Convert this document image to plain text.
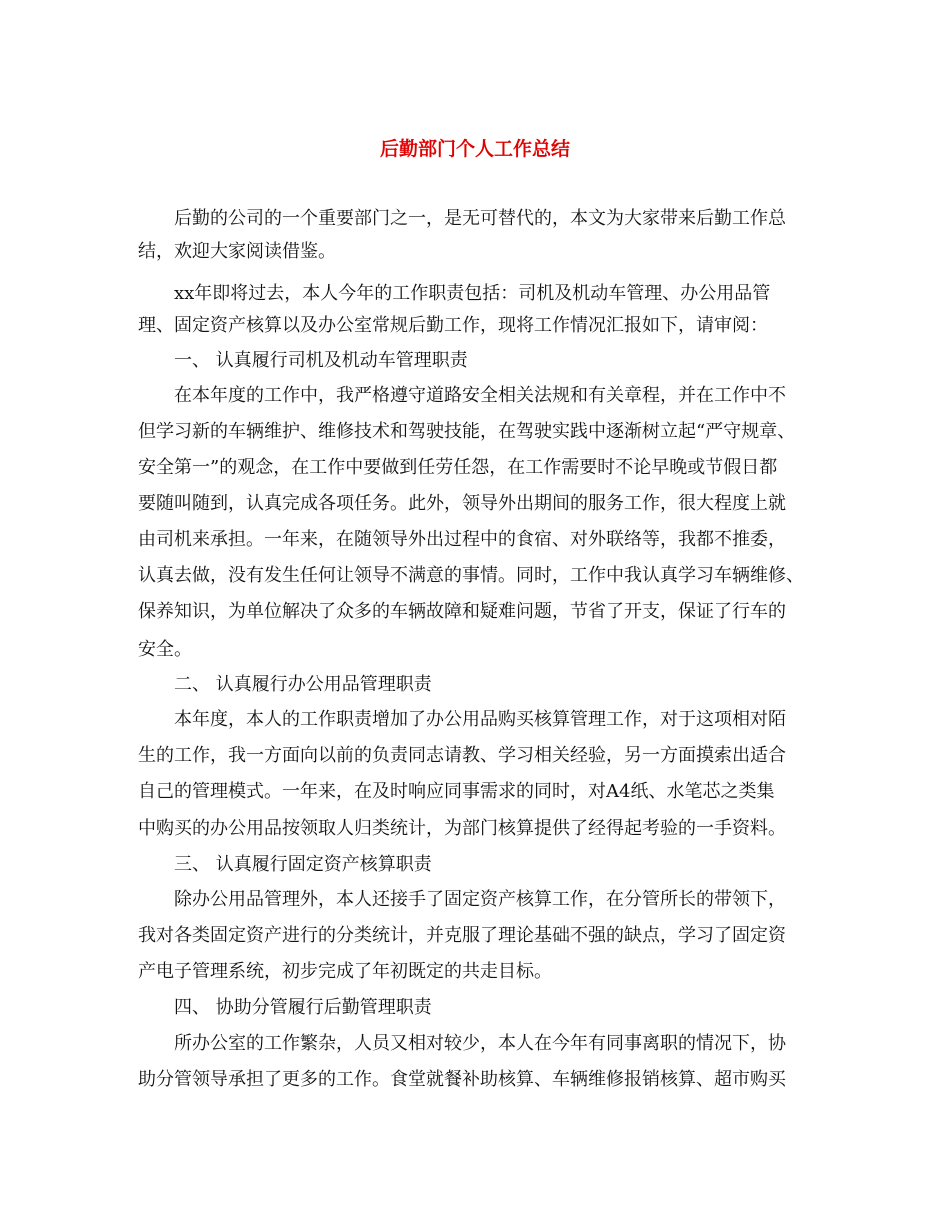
后勤部门个人工作总结

后勤的公司的一个重要部门之一，是无可替代的，本文为大家带来后勤工作总

结，欢迎大家阅读借鉴。

xx年即将过去，本人今年的工作职责包括：司机及机动车管理、办公用品管

理、固定资产核算以及办公室常规后勤工作，现将工作情况汇报如下，请审阅：

一、 认真履行司机及机动车管理职责

在本年度的工作中，我严格遵守道路安全相关法规和有关章程，并在工作中不

但学习新的车辆维护、维修技术和驾驶技能，在驾驶实践中逐渐树立起“严守规章、

安全第一”的观念，在工作中要做到任劳任怨，在工作需要时不论早晚或节假日都

要随叫随到，认真完成各项任务。此外，领导外出期间的服务工作，很大程度上就

由司机来承担。一年来，在随领导外出过程中的食宿、对外联络等，我都不推委，

认真去做，没有发生任何让领导不满意的事情。同时，工作中我认真学习车辆维修、

保养知识，为单位解决了众多的车辆故障和疑难问题，节省了开支，保证了行车的

安全。

二、 认真履行办公用品管理职责

本年度，本人的工作职责增加了办公用品购买核算管理工作，对于这项相对陌

生的工作，我一方面向以前的负责同志请教、学习相关经验，另一方面摸索出适合

自己的管理模式。一年来，在及时响应同事需求的同时，对A4纸、水笔芯之类集

中购买的办公用品按领取人归类统计，为部门核算提供了经得起考验的一手资料。

三、 认真履行固定资产核算职责

除办公用品管理外，本人还接手了固定资产核算工作，在分管所长的带领下，

我对各类固定资产进行的分类统计，并克服了理论基础不强的缺点，学习了固定资

产电子管理系统，初步完成了年初既定的共走目标。

四、 协助分管履行后勤管理职责

所办公室的工作繁杂，人员又相对较少，本人在今年有同事离职的情况下，协

助分管领导承担了更多的工作。食堂就餐补助核算、车辆维修报销核算、超市购买
